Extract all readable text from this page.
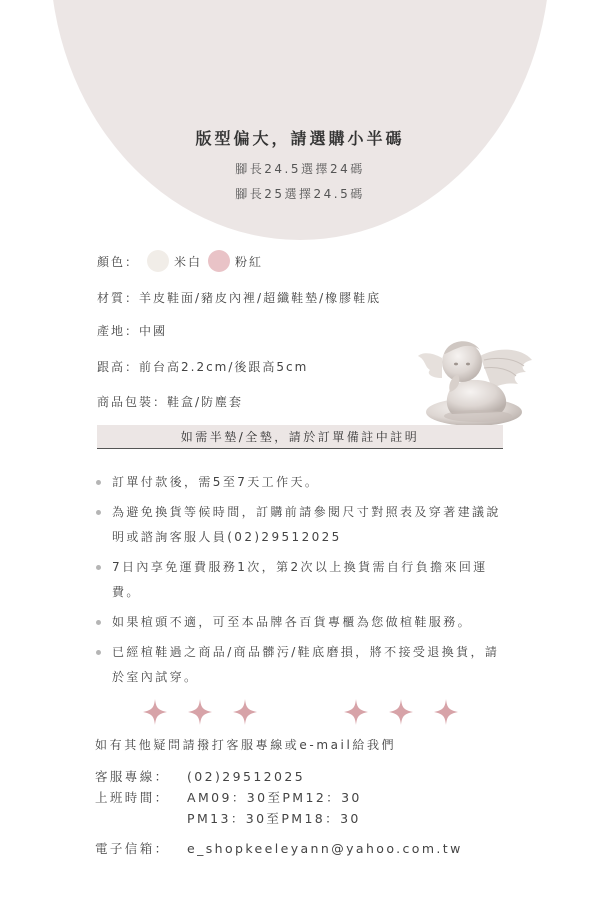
版型偏大，請選購小半碼
腳長24.5選擇24碼
腳長25選擇24.5碼
顏色：	米白	粉紅
材質：羊皮鞋面/豬皮內裡/超纖鞋墊/橡膠鞋底
產地：中國
跟高：前台高2.2cm/後跟高5cm
商品包裝：鞋盒/防塵套
如需半墊/全墊，請於訂單備註中註明
訂單付款後，需5至7天工作天。
為避免換貨等候時間，訂購前請參閱尺寸對照表及穿著建議說明或諮詢客服人員(02)29512025
7日內享免運費服務1次，第2次以上換貨需自行負擔來回運費。
如果楦頭不適，可至本品牌各百貨專櫃為您做楦鞋服務。
已經楦鞋過之商品/商品髒污/鞋底磨損，將不接受退換貨，請於室內試穿。
如有其他疑問請撥打客服專線或e-mail給我們
客服專線：	(02)29512025
上班時間：	AM09：30至PM12：30
PM13：30至PM18：30
電子信箱：	e_shopkeeleyann@yahoo.com.tw
